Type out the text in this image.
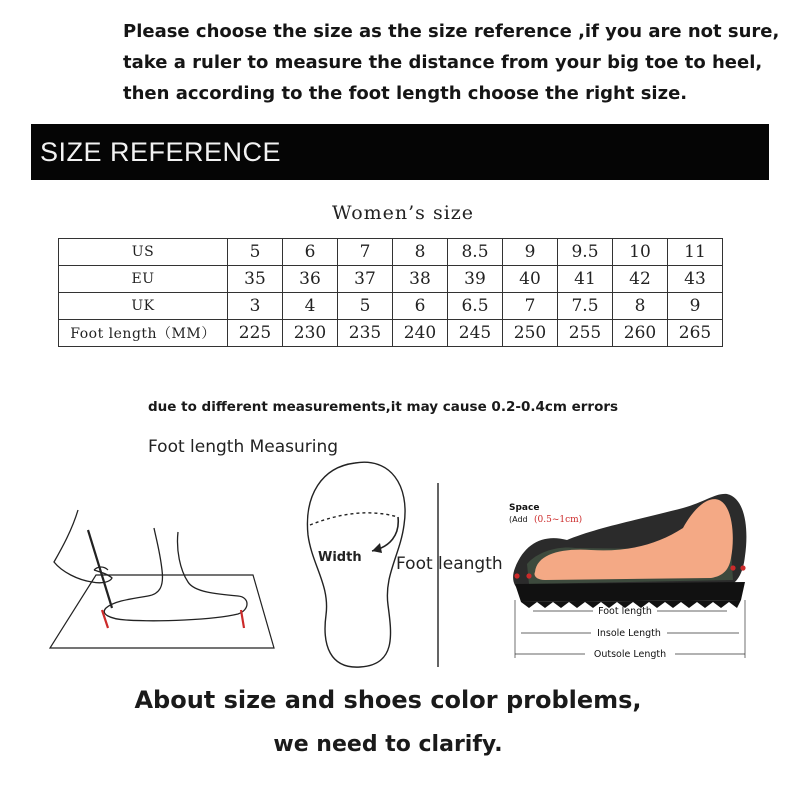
Please choose the size as the size reference ,if you are not sure,
take a ruler to measure the distance from your big toe to heel,
then according to the foot length choose the right size.
SIZE REFERENCE
Women’s size
US	5	6	7	8	8.5	9	9.5	10	11
EU	35	36	37	38	39	40	41	42	43
UK	3	4	5	6	6.5	7	7.5	8	9
Foot length（MM）	225	230	235	240	245	250	255	260	265
due to different measurements,it may cause 0.2-0.4cm errors
Foot length Measuring
Width Foot leangth
Space
(Add (0.5~1cm)
Foot length
Insole Length
Outsole Length
About size and shoes color problems,
we need to clarify.
